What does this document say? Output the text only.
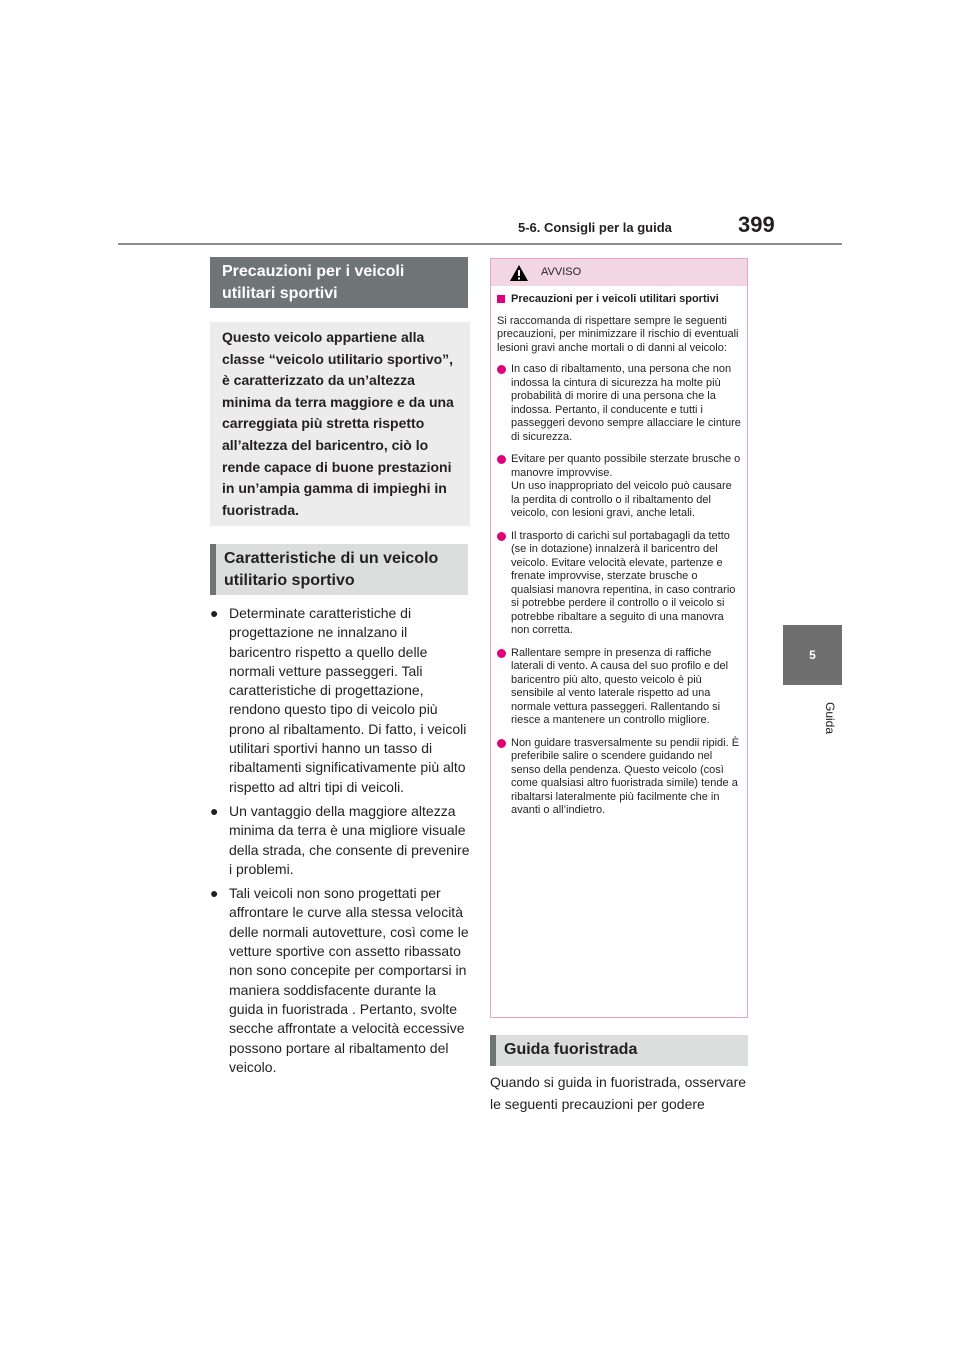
5-6. Consigli per la guida	399
5
Guida
Precauzioni per i veicoli utilitari sportivi
Questo veicolo appartiene alla
classe “veicolo utilitario sportivo”,
è caratterizzato da un’altezza
minima da terra maggiore e da una
carreggiata più stretta rispetto
all’altezza del baricentro, ciò lo
rende capace di buone prestazioni
in un’ampia gamma di impieghi in
fuoristrada.
Caratteristiche di un veicolo utilitario sportivo
● Determinate caratteristiche di progettazione ne innalzano il baricentro rispetto a quello delle normali vetture passeggeri. Tali caratteristiche di progettazione, rendono questo tipo di veicolo più prono al ribaltamento. Di fatto, i veicoli utilitari sportivi hanno un tasso di ribaltamenti significativamente più alto rispetto ad altri tipi di veicoli.
● Un vantaggio della maggiore altezza minima da terra è una migliore visuale della strada, che consente di prevenire i problemi.
● Tali veicoli non sono progettati per affrontare le curve alla stessa velocità delle normali autovetture, così come le vetture sportive con assetto ribassato non sono concepite per comportarsi in maniera soddisfacente durante la guida in fuoristrada . Pertanto, svolte secche affrontate a velocità eccessive possono portare al ribaltamento del veicolo.
AVVISO
Precauzioni per i veicoli utilitari sportivi
Si raccomanda di rispettare sempre le seguenti precauzioni, per minimizzare il rischio di eventuali lesioni gravi anche mortali o di danni al veicolo:
In caso di ribaltamento, una persona che non indossa la cintura di sicurezza ha molte più probabilità di morire di una persona che la indossa. Pertanto, il conducente e tutti i passeggeri devono sempre allacciare le cinture di sicurezza.
Evitare per quanto possibile sterzate brusche o manovre improvvise.
Un uso inappropriato del veicolo può causare la perdita di controllo o il ribaltamento del veicolo, con lesioni gravi, anche letali.
Il trasporto di carichi sul portabagagli da tetto (se in dotazione) innalzerà il baricentro del veicolo. Evitare velocità elevate, partenze e frenate improvvise, sterzate brusche o qualsiasi manovra repentina, in caso contrario si potrebbe perdere il controllo o il veicolo si potrebbe ribaltare a seguito di una manovra non corretta.
Rallentare sempre in presenza di raffiche laterali di vento. A causa del suo profilo e del baricentro più alto, questo veicolo è più sensibile al vento laterale rispetto ad una normale vettura passeggeri. Rallentando si riesce a mantenere un controllo migliore.
Non guidare trasversalmente su pendii ripidi. È preferibile salire o scendere guidando nel senso della pendenza. Questo veicolo (così come qualsiasi altro fuoristrada simile) tende a ribaltarsi lateralmente più facilmente che in avanti o all’indietro.
Guida fuoristrada
Quando si guida in fuoristrada, osservare le seguenti precauzioni per godere
